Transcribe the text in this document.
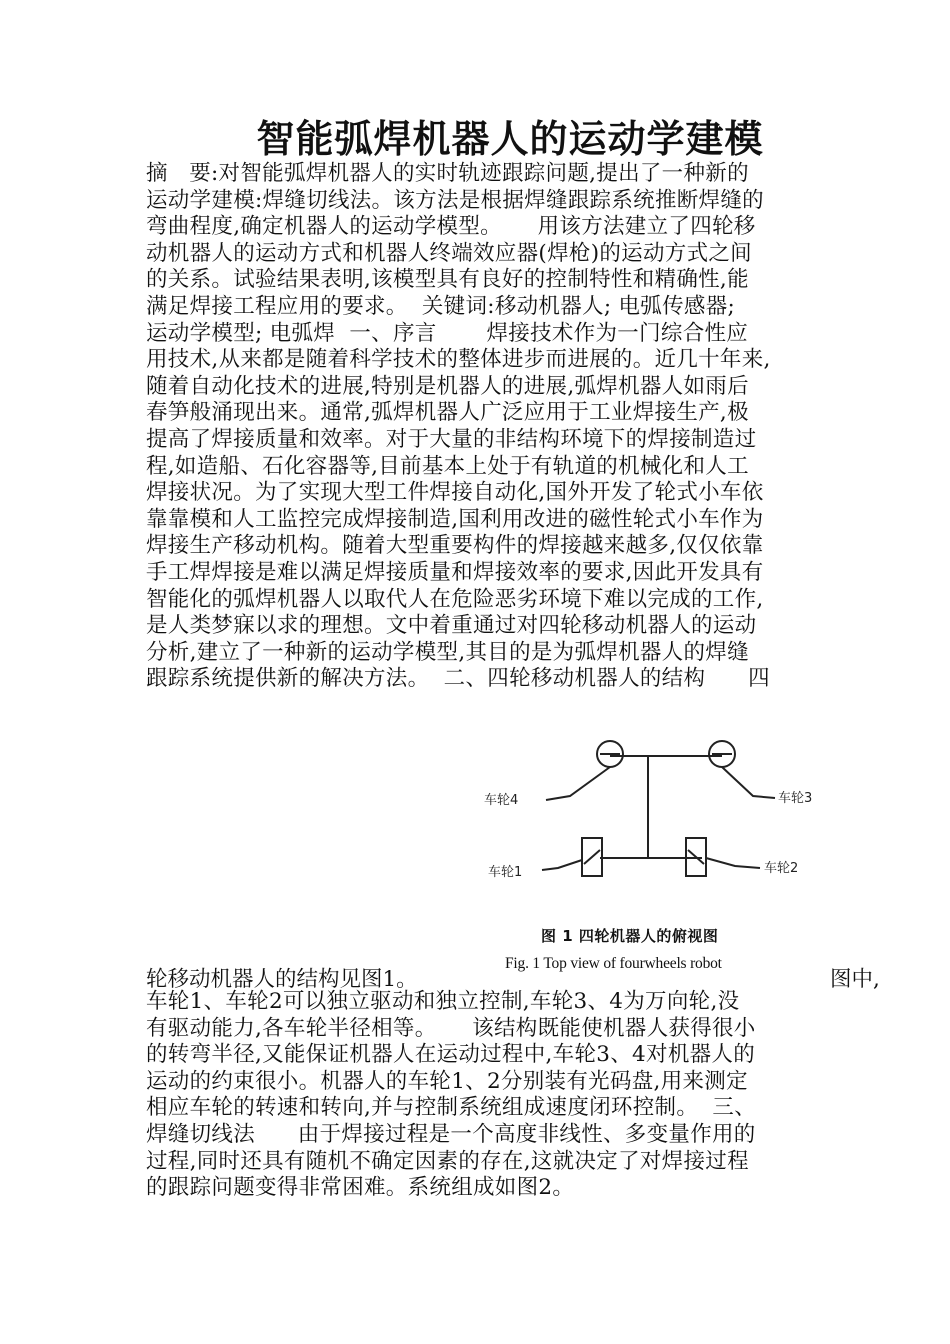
智能弧焊机器人的运动学建模
摘   要:对智能弧焊机器人的实时轨迹跟踪问题,提出了一种新的
运动学建模:焊缝切线法。该方法是根据焊缝跟踪系统推断焊缝的
弯曲程度,确定机器人的运动学模型。     用该方法建立了四轮移
动机器人的运动方式和机器人终端效应器(焊枪)的运动方式之间
的关系。试验结果表明,该模型具有良好的控制特性和精确性,能
满足焊接工程应用的要求。  关键词:移动机器人; 电弧传感器;
运动学模型; 电弧焊  一、序言       焊接技术作为一门综合性应
用技术,从来都是随着科学技术的整体进步而进展的。近几十年来,
随着自动化技术的进展,特别是机器人的进展,弧焊机器人如雨后
春笋般涌现出来。通常,弧焊机器人广泛应用于工业焊接生产,极
提高了焊接质量和效率。对于大量的非结构环境下的焊接制造过
程,如造船、石化容器等,目前基本上处于有轨道的机械化和人工
焊接状况。为了实现大型工件焊接自动化,国外开发了轮式小车依
靠靠模和人工监控完成焊接制造,国利用改进的磁性轮式小车作为
焊接生产移动机构。随着大型重要构件的焊接越来越多,仅仅依靠
手工焊焊接是难以满足焊接质量和焊接效率的要求,因此开发具有
智能化的弧焊机器人以取代人在危险恶劣环境下难以完成的工作,
是人类梦寐以求的理想。文中着重通过对四轮移动机器人的运动
分析,建立了一种新的运动学模型,其目的是为弧焊机器人的焊缝
跟踪系统提供新的解决方法。  二、四轮移动机器人的结构      四
轮移动机器人的结构见图1。	图中,
车轮4	车轮3
车轮1	车轮2
图 1 四轮机器人的俯视图
Fig. 1 Top view of fourwheels robot
车轮1、车轮2可以独立驱动和独立控制,车轮3、4为万向轮,没
有驱动能力,各车轮半径相等。     该结构既能使机器人获得很小
的转弯半径,又能保证机器人在运动过程中,车轮3、4对机器人的
运动的约束很小。机器人的车轮1、2分别装有光码盘,用来测定
相应车轮的转速和转向,并与控制系统组成速度闭环控制。  三、
焊缝切线法      由于焊接过程是一个高度非线性、多变量作用的
过程,同时还具有随机不确定因素的存在,这就决定了对焊接过程
的跟踪问题变得非常困难。系统组成如图2。
